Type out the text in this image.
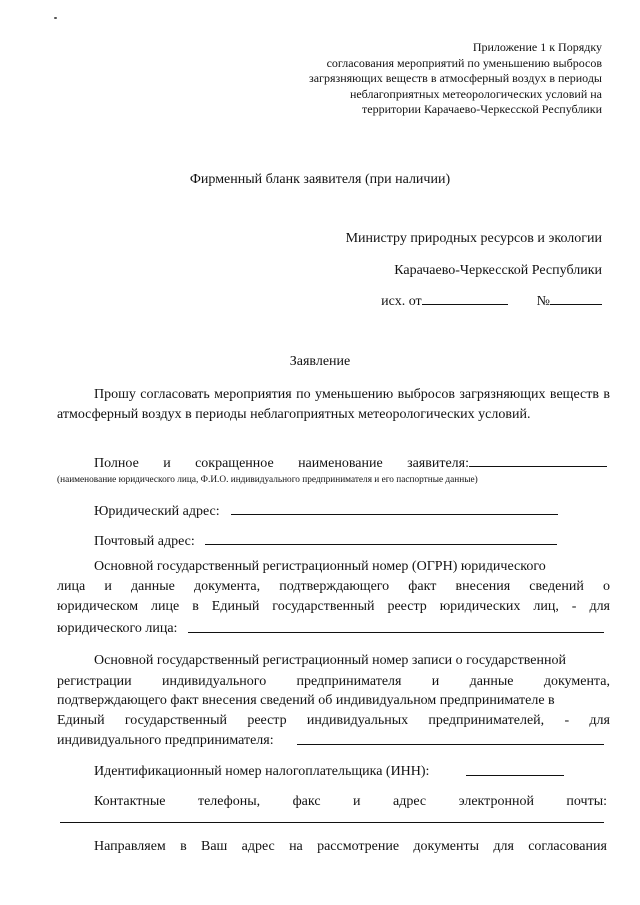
Приложение 1 к Порядку
согласования мероприятий по уменьшению выбросов
загрязняющих веществ в атмосферный воздух в периоды
неблагоприятных метеорологических условий на
территории Карачаево-Черкесской Республики
Фирменный бланк заявителя (при наличии)
Министру природных ресурсов и экологии
Карачаево-Черкесской Республики
исх. от	№
Заявление
Прошу согласовать мероприятия по уменьшению выбросов загрязняющих веществ в атмосферный воздух в периоды неблагоприятных метеорологических условий.
Полное и сокращенное наименование заявителя:
(наименование юридического лица, Ф.И.О. индивидуального предпринимателя и его паспортные данные)
Юридический адрес:
Почтовый адрес:
Основной государственный регистрационный номер (ОГРН) юридического
лица и данные документа, подтверждающего факт внесения сведений о
юридическом лице в Единый государственный реестр юридических лиц, - для
юридического лица:
Основной государственный регистрационный номер записи о государственной
регистрации индивидуального предпринимателя и данные документа,
подтверждающего факт внесения сведений об индивидуальном предпринимателе в
Единый государственный реестр индивидуальных предпринимателей, - для
индивидуального предпринимателя:
Идентификационный номер налогоплательщика (ИНН):
Контактные телефоны, факс и адрес электронной почты:
Направляем в Ваш адрес на рассмотрение документы для согласования
